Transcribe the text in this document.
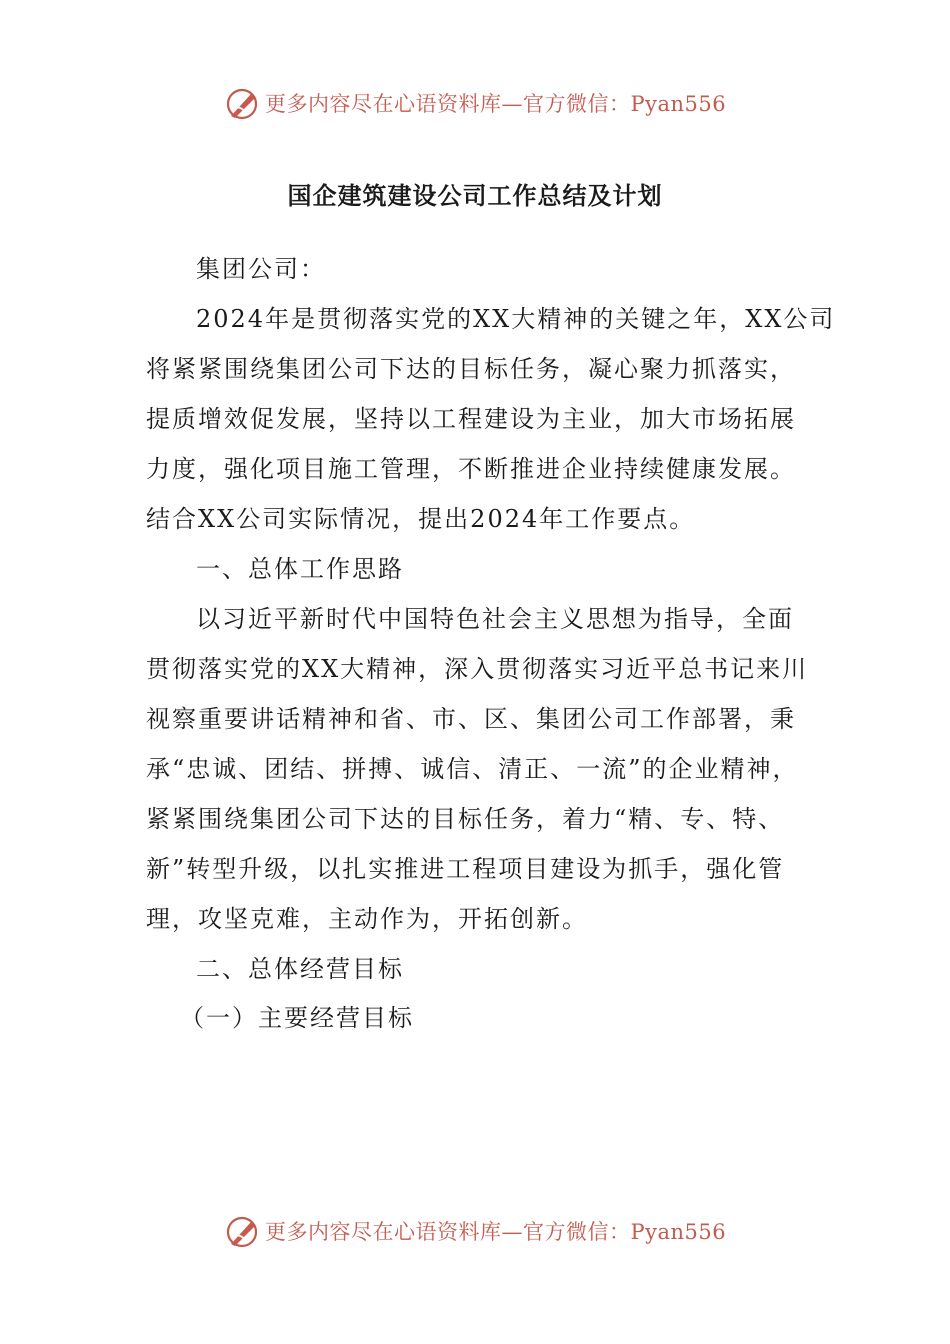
更多内容尽在心语资料库—官方微信：Pyan556
国企建筑建设公司工作总结及计划
集团公司：
2024年是贯彻落实党的XX大精神的关键之年，XX公司
将紧紧围绕集团公司下达的目标任务，凝心聚力抓落实，
提质增效促发展，坚持以工程建设为主业，加大市场拓展
力度，强化项目施工管理，不断推进企业持续健康发展。
结合XX公司实际情况，提出2024年工作要点。
一、总体工作思路
以习近平新时代中国特色社会主义思想为指导，全面
贯彻落实党的XX大精神，深入贯彻落实习近平总书记来川
视察重要讲话精神和省、市、区、集团公司工作部署，秉
承“忠诚、团结、拼搏、诚信、清正、一流”的企业精神，
紧紧围绕集团公司下达的目标任务，着力“精、专、特、
新”转型升级，以扎实推进工程项目建设为抓手，强化管
理，攻坚克难，主动作为，开拓创新。
二、总体经营目标
（一）主要经营目标
更多内容尽在心语资料库—官方微信：Pyan556
